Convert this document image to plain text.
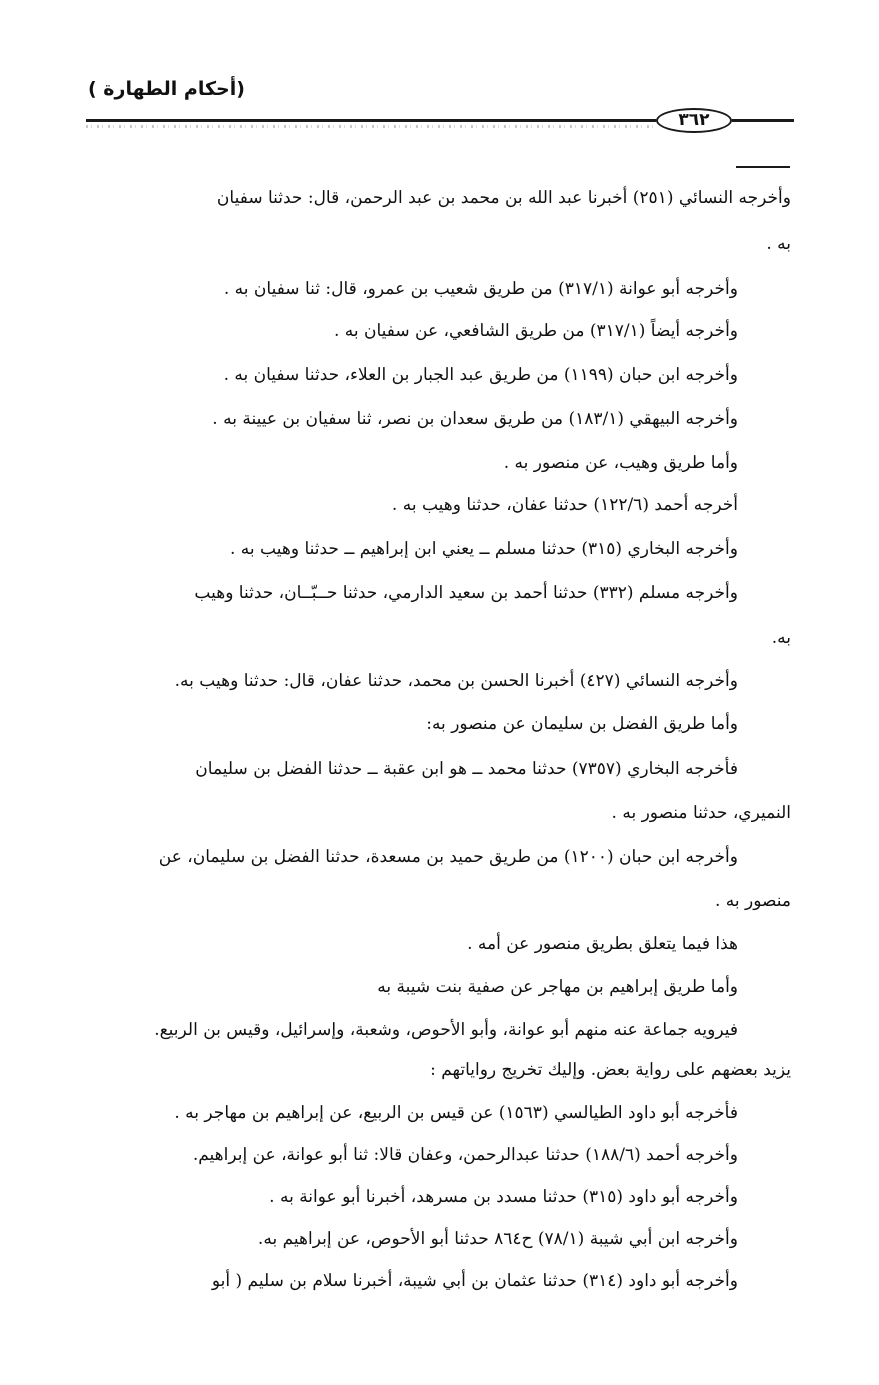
(أحكام الطهارة )
٣٦٢

وأخرجه النسائي (٢٥١) أخبرنا عبد الله بن محمد بن عبد الرحمن، قال: حدثنا سفيان

به .

وأخرجه أبو عوانة (٣١٧/١) من طريق شعيب بن عمرو، قال: ثنا سفيان به .

وأخرجه أيضاً (٣١٧/١) من طريق الشافعي، عن سفيان به .

وأخرجه ابن حبان (١١٩٩) من طريق عبد الجبار بن العلاء، حدثنا سفيان به .

وأخرجه البيهقي (١٨٣/١) من طريق سعدان بن نصر، ثنا سفيان بن عيينة به .

وأما طريق وهيب، عن منصور به .

أخرجه أحمد (١٢٢/٦) حدثنا عفان، حدثنا وهيب به .

وأخرجه البخاري (٣١٥) حدثنا مسلم ــ يعني ابن إبراهيم ــ حدثنا وهيب به .

وأخرجه مسلم (٣٣٢) حدثنا أحمد بن سعيد الدارمي، حدثنا حــبّــان، حدثنا وهيب

به.

وأخرجه النسائي (٤٢٧) أخبرنا الحسن بن محمد، حدثنا عفان، قال: حدثنا وهيب به.

وأما طريق الفضل بن سليمان عن منصور به:

فأخرجه البخاري (٧٣٥٧) حدثنا محمد ــ هو ابن عقبة ــ حدثنا الفضل بن سليمان

النميري، حدثنا منصور به .

وأخرجه ابن حبان (١٢٠٠) من طريق حميد بن مسعدة، حدثنا الفضل بن سليمان، عن

منصور به .

هذا فيما يتعلق بطريق منصور عن أمه .

وأما طريق إبراهيم بن مهاجر عن صفية بنت شيبة به

فيرويه جماعة عنه منهم أبو عوانة، وأبو الأحوص، وشعبة، وإسرائيل، وقيس بن الربيع.

يزيد بعضهم على رواية بعض. وإليك تخريج رواياتهم :

فأخرجه أبو داود الطيالسي (١٥٦٣) عن قيس بن الربيع، عن إبراهيم بن مهاجر به .

وأخرجه أحمد (١٨٨/٦) حدثنا عبدالرحمن، وعفان قالا: ثنا أبو عوانة، عن إبراهيم.

وأخرجه أبو داود (٣١٥) حدثنا مسدد بن مسرهد، أخبرنا أبو عوانة به .

وأخرجه ابن أبي شيبة (٧٨/١) ح٨٦٤ حدثنا أبو الأحوص، عن إبراهيم به.

وأخرجه أبو داود (٣١٤) حدثنا عثمان بن أبي شيبة، أخبرنا سلام بن سليم ( أبو
